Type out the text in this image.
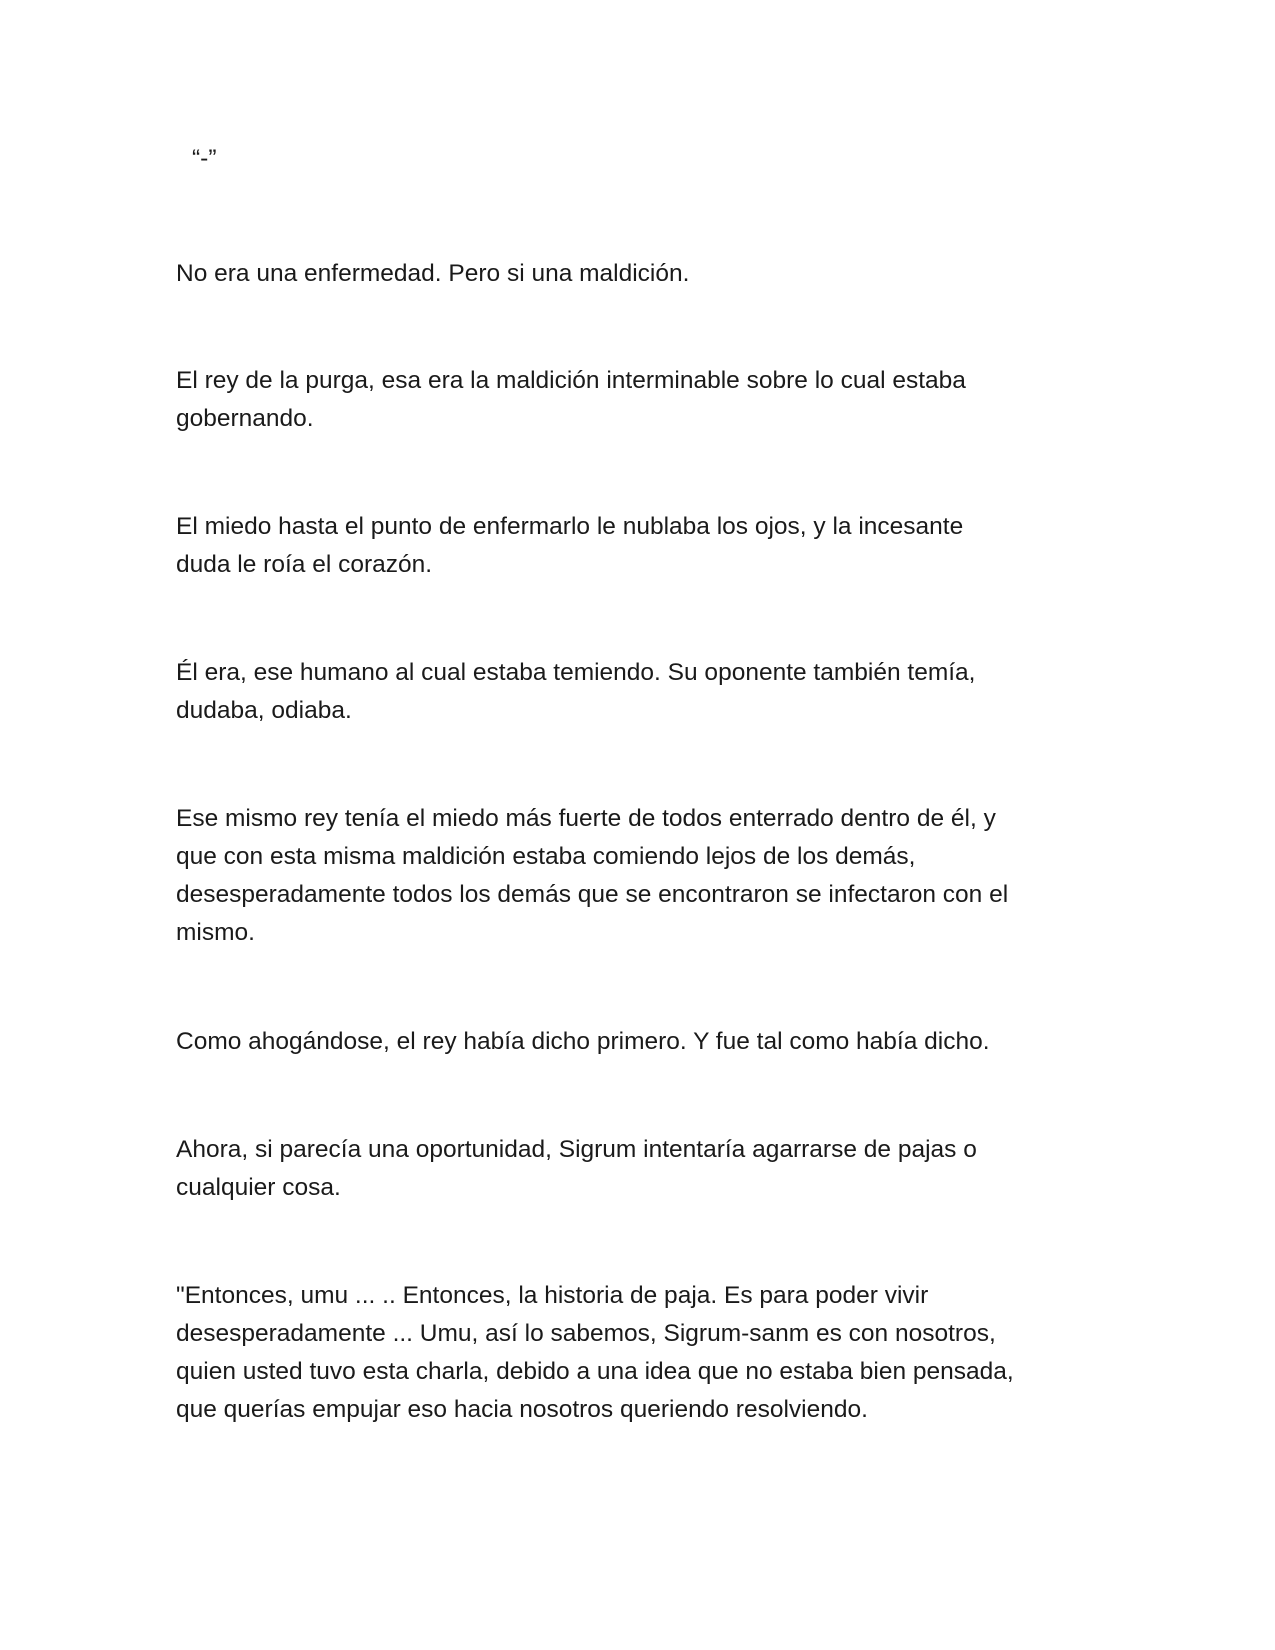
“-”

No era una enfermedad. Pero si una maldición.

El rey de la purga, esa era la maldición interminable sobre lo cual estaba

gobernando.

El miedo hasta el punto de enfermarlo le nublaba los ojos, y la incesante

duda le roía el corazón.

Él era, ese humano al cual estaba temiendo. Su oponente también temía,

dudaba, odiaba.

Ese mismo rey tenía el miedo más fuerte de todos enterrado dentro de él, y

que con esta misma maldición estaba comiendo lejos de los demás,

desesperadamente todos los demás que se encontraron se infectaron con el

mismo.

Como ahogándose, el rey había dicho primero. Y fue tal como había dicho.

Ahora, si parecía una oportunidad, Sigrum intentaría agarrarse de pajas o

cualquier cosa.

"Entonces, umu ... .. Entonces, la historia de paja. Es para poder vivir

desesperadamente ... Umu, así lo sabemos, Sigrum-sanm es con nosotros,

quien usted tuvo esta charla, debido a una idea que no estaba bien pensada,

que querías empujar eso hacia nosotros queriendo resolviendo.
